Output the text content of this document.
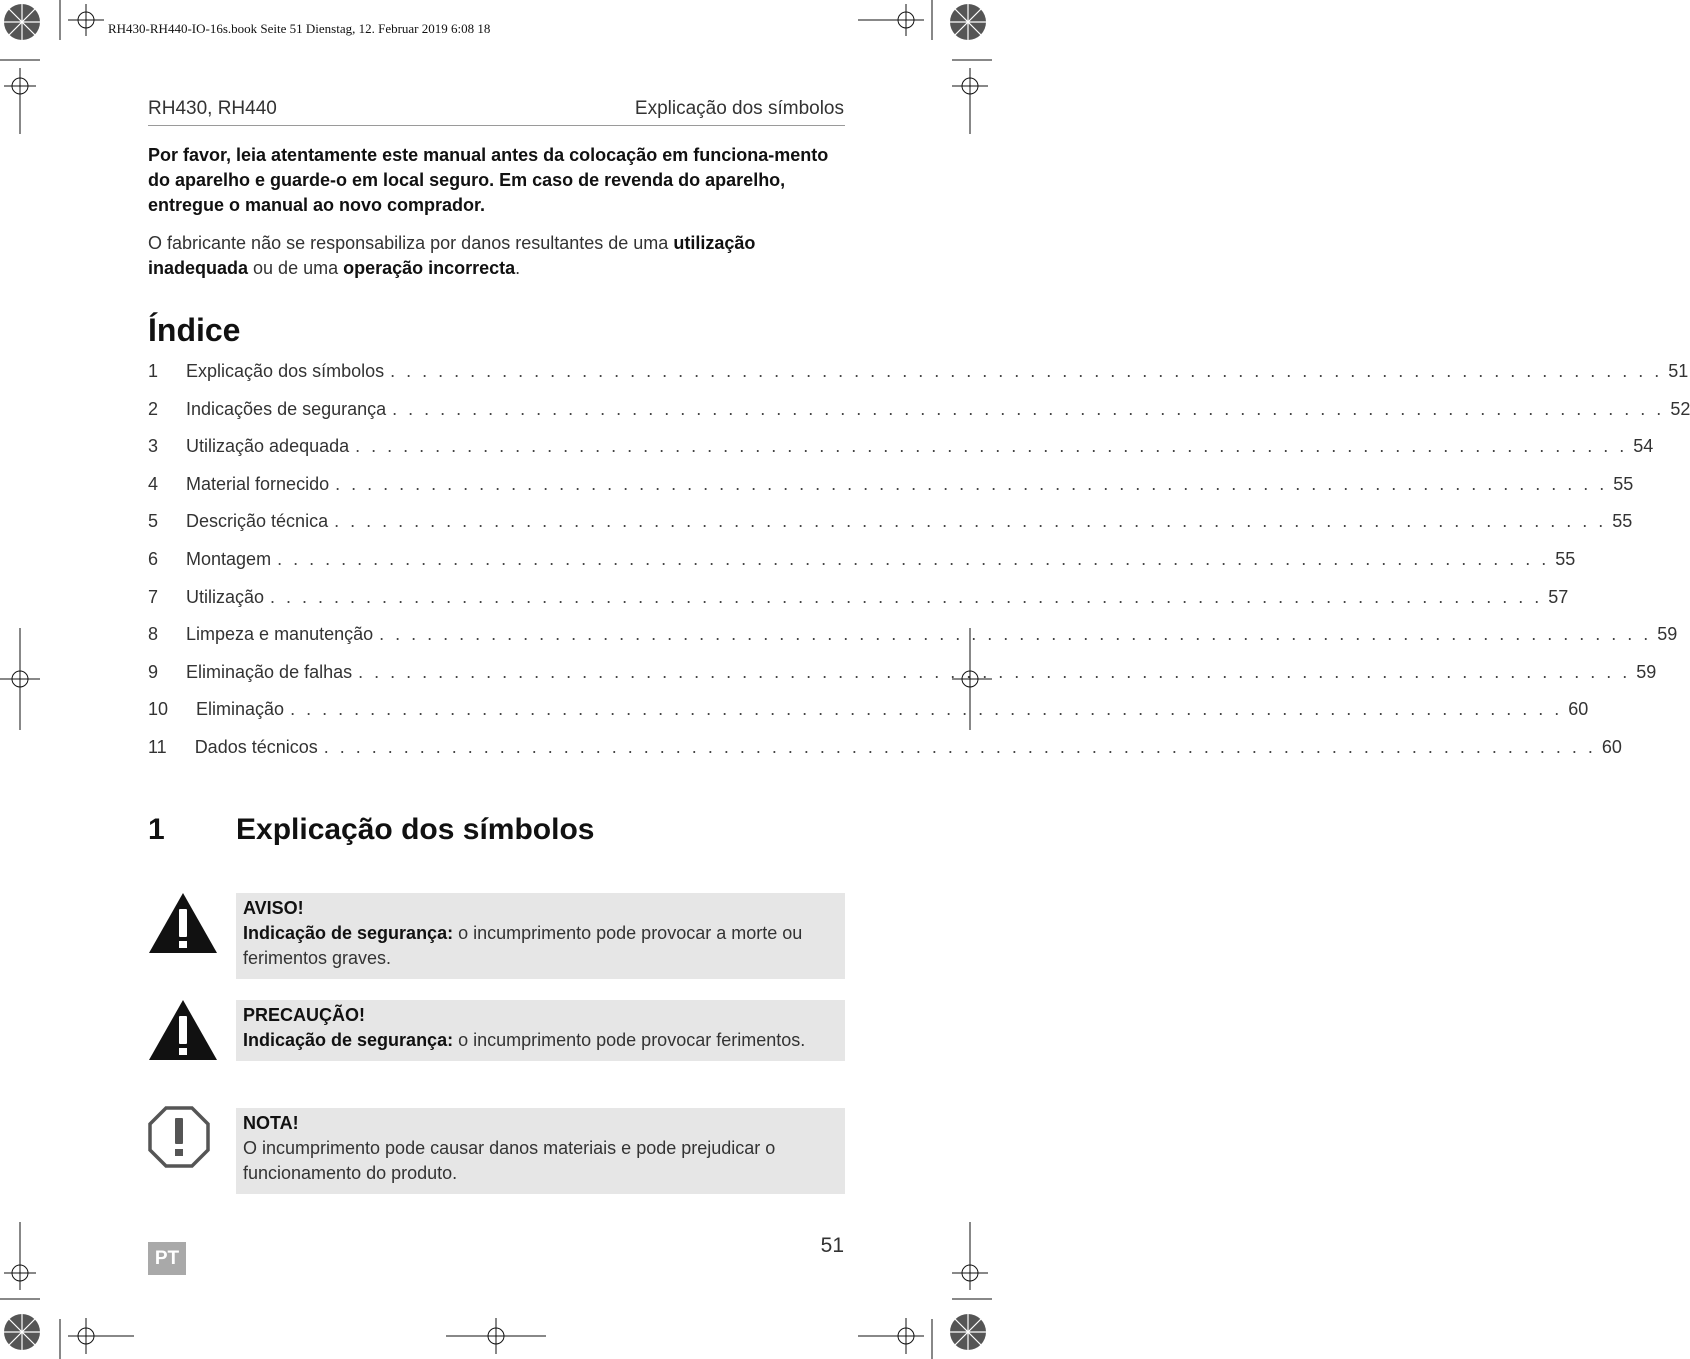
RH430-RH440-IO-16s.book Seite 51 Dienstag, 12. Februar 2019 6:08 18
RH430, RH440	Explicação dos símbolos
Por favor, leia atentamente este manual antes da colocação em funciona-mento do aparelho e guarde-o em local seguro. Em caso de revenda do aparelho, entregue o manual ao novo comprador.
O fabricante não se responsabiliza por danos resultantes de uma utilização inadequada ou de uma operação incorrecta.
Índice
1 Explicação dos símbolos . . . . . . . . . . . . . . . . . . . . . . . . . . . . . . . . . . . . . . . . . . . . . . . . . . . . . . . . . . . . . . . . . . . . . . . . . . . . . . . . 51
2 Indicações de segurança . . . . . . . . . . . . . . . . . . . . . . . . . . . . . . . . . . . . . . . . . . . . . . . . . . . . . . . . . . . . . . . . . . . . . . . . . . . . . . . . 52
3 Utilização adequada . . . . . . . . . . . . . . . . . . . . . . . . . . . . . . . . . . . . . . . . . . . . . . . . . . . . . . . . . . . . . . . . . . . . . . . . . . . . . . . . 54
4 Material fornecido . . . . . . . . . . . . . . . . . . . . . . . . . . . . . . . . . . . . . . . . . . . . . . . . . . . . . . . . . . . . . . . . . . . . . . . . . . . . . . . . 55
5 Descrição técnica . . . . . . . . . . . . . . . . . . . . . . . . . . . . . . . . . . . . . . . . . . . . . . . . . . . . . . . . . . . . . . . . . . . . . . . . . . . . . . . . 55
6 Montagem . . . . . . . . . . . . . . . . . . . . . . . . . . . . . . . . . . . . . . . . . . . . . . . . . . . . . . . . . . . . . . . . . . . . . . . . . . . . . . . . 55
7 Utilização . . . . . . . . . . . . . . . . . . . . . . . . . . . . . . . . . . . . . . . . . . . . . . . . . . . . . . . . . . . . . . . . . . . . . . . . . . . . . . . . 57
8 Limpeza e manutenção . . . . . . . . . . . . . . . . . . . . . . . . . . . . . . . . . . . . . . . . . . . . . . . . . . . . . . . . . . . . . . . . . . . . . . . . . . . . . . . . 59
9 Eliminação de falhas . . . . . . . . . . . . . . . . . . . . . . . . . . . . . . . . . . . . . . . . . . . . . . . . . . . . . . . . . . . . . . . . . . . . . . . . . . . . . . . . 59
10 Eliminação . . . . . . . . . . . . . . . . . . . . . . . . . . . . . . . . . . . . . . . . . . . . . . . . . . . . . . . . . . . . . . . . . . . . . . . . . . . . . . . . 60
11 Dados técnicos . . . . . . . . . . . . . . . . . . . . . . . . . . . . . . . . . . . . . . . . . . . . . . . . . . . . . . . . . . . . . . . . . . . . . . . . . . . . . . . . 60
1 Explicação dos símbolos
AVISO!
Indicação de segurança: o incumprimento pode provocar a morte ou ferimentos graves.
PRECAUÇÃO!
Indicação de segurança: o incumprimento pode provocar ferimentos.
NOTA!
O incumprimento pode causar danos materiais e pode prejudicar o funcionamento do produto.
PT
51
